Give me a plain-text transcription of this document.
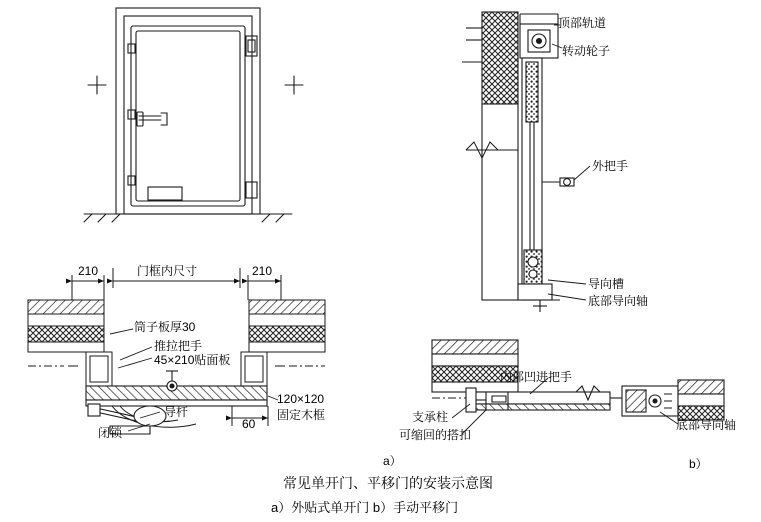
顶部轨道
转动轮子
外把手
导向槽
底部导向轴
内部凹进把手
支承柱
可缩回的搭扣
底部导向轴
筒子板厚30
推拉把手
45×210贴面板
120×120
固定木框
导杆
闭锁
门框内尺寸
210	210
60
a）	b）
常见单开门、平移门的安装示意图
a）外贴式单开门 b）手动平移门
